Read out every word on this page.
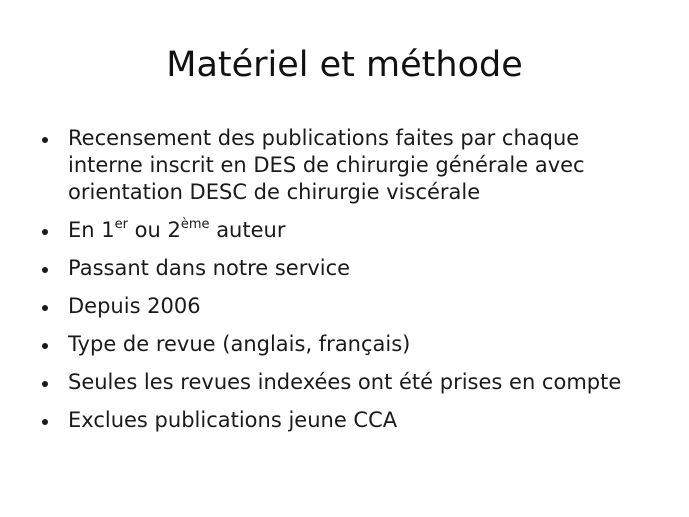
Matériel et méthode
Recensement des publications faites par chaque interne inscrit en DES de chirurgie générale avec orientation DESC de chirurgie viscérale
En 1er ou 2ème auteur
Passant dans notre service
Depuis 2006
Type de revue (anglais, français)
Seules les revues indexées ont été prises en compte
Exclues publications jeune CCA
